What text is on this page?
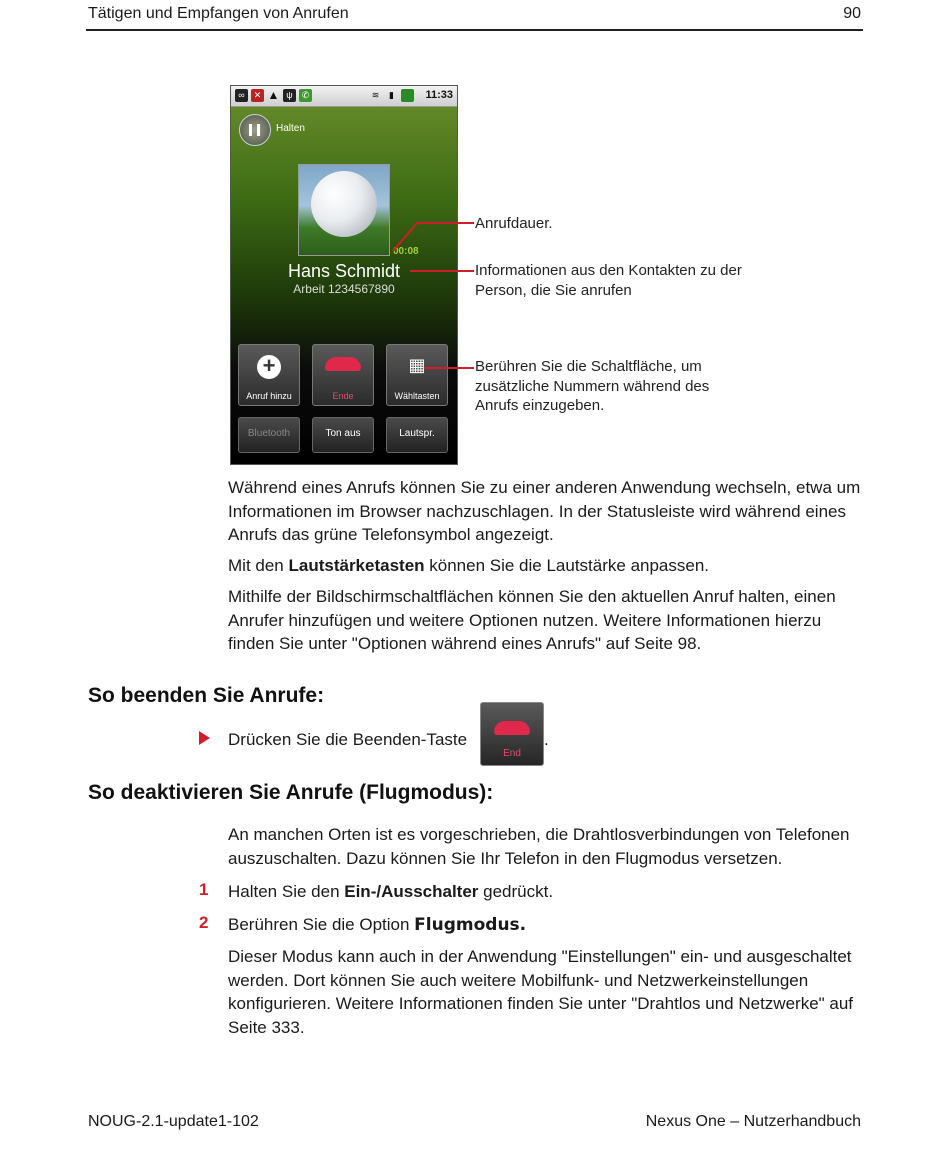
Tätigen und Empfangen von Anrufen	90
∞	✕ ▲ ψ	✆	≋	▮	11:33
Halten
00:08
Hans Schmidt
Arbeit 1234567890
+
Anruf hinzu	Ende
▦
Wähltasten
Bluetooth	Ton aus	Lautspr.
Anrufdauer.
Informationen aus den Kontakten zu der
Person, die Sie anrufen
Berühren Sie die Schaltfläche, um
zusätzliche Nummern während des
Anrufs einzugeben.
Während eines Anrufs können Sie zu einer anderen Anwendung wechseln, etwa um Informationen im Browser nachzuschlagen. In der Statusleiste wird während eines Anrufs das grüne Telefonsymbol angezeigt.
Mit den Lautstärketasten können Sie die Lautstärke anpassen.
Mithilfe der Bildschirmschaltflächen können Sie den aktuellen Anruf halten, einen Anrufer hinzufügen und weitere Optionen nutzen. Weitere Informationen hierzu finden Sie unter "Optionen während eines Anrufs" auf Seite 98.
So beenden Sie Anrufe:
Drücken Sie die Beenden-Taste
End
.
So deaktivieren Sie Anrufe (Flugmodus):
An manchen Orten ist es vorgeschrieben, die Drahtlosverbindungen von Telefonen auszuschalten. Dazu können Sie Ihr Telefon in den Flugmodus versetzen.
1 Halten Sie den Ein-/Ausschalter gedrückt.
2 Berühren Sie die Option Flugmodus.
Dieser Modus kann auch in der Anwendung "Einstellungen" ein- und ausgeschaltet werden. Dort können Sie auch weitere Mobilfunk- und Netzwerkeinstellungen konfigurieren. Weitere Informationen finden Sie unter "Drahtlos und Netzwerke" auf Seite 333.
NOUG-2.1-update1-102	Nexus One – Nutzerhandbuch
